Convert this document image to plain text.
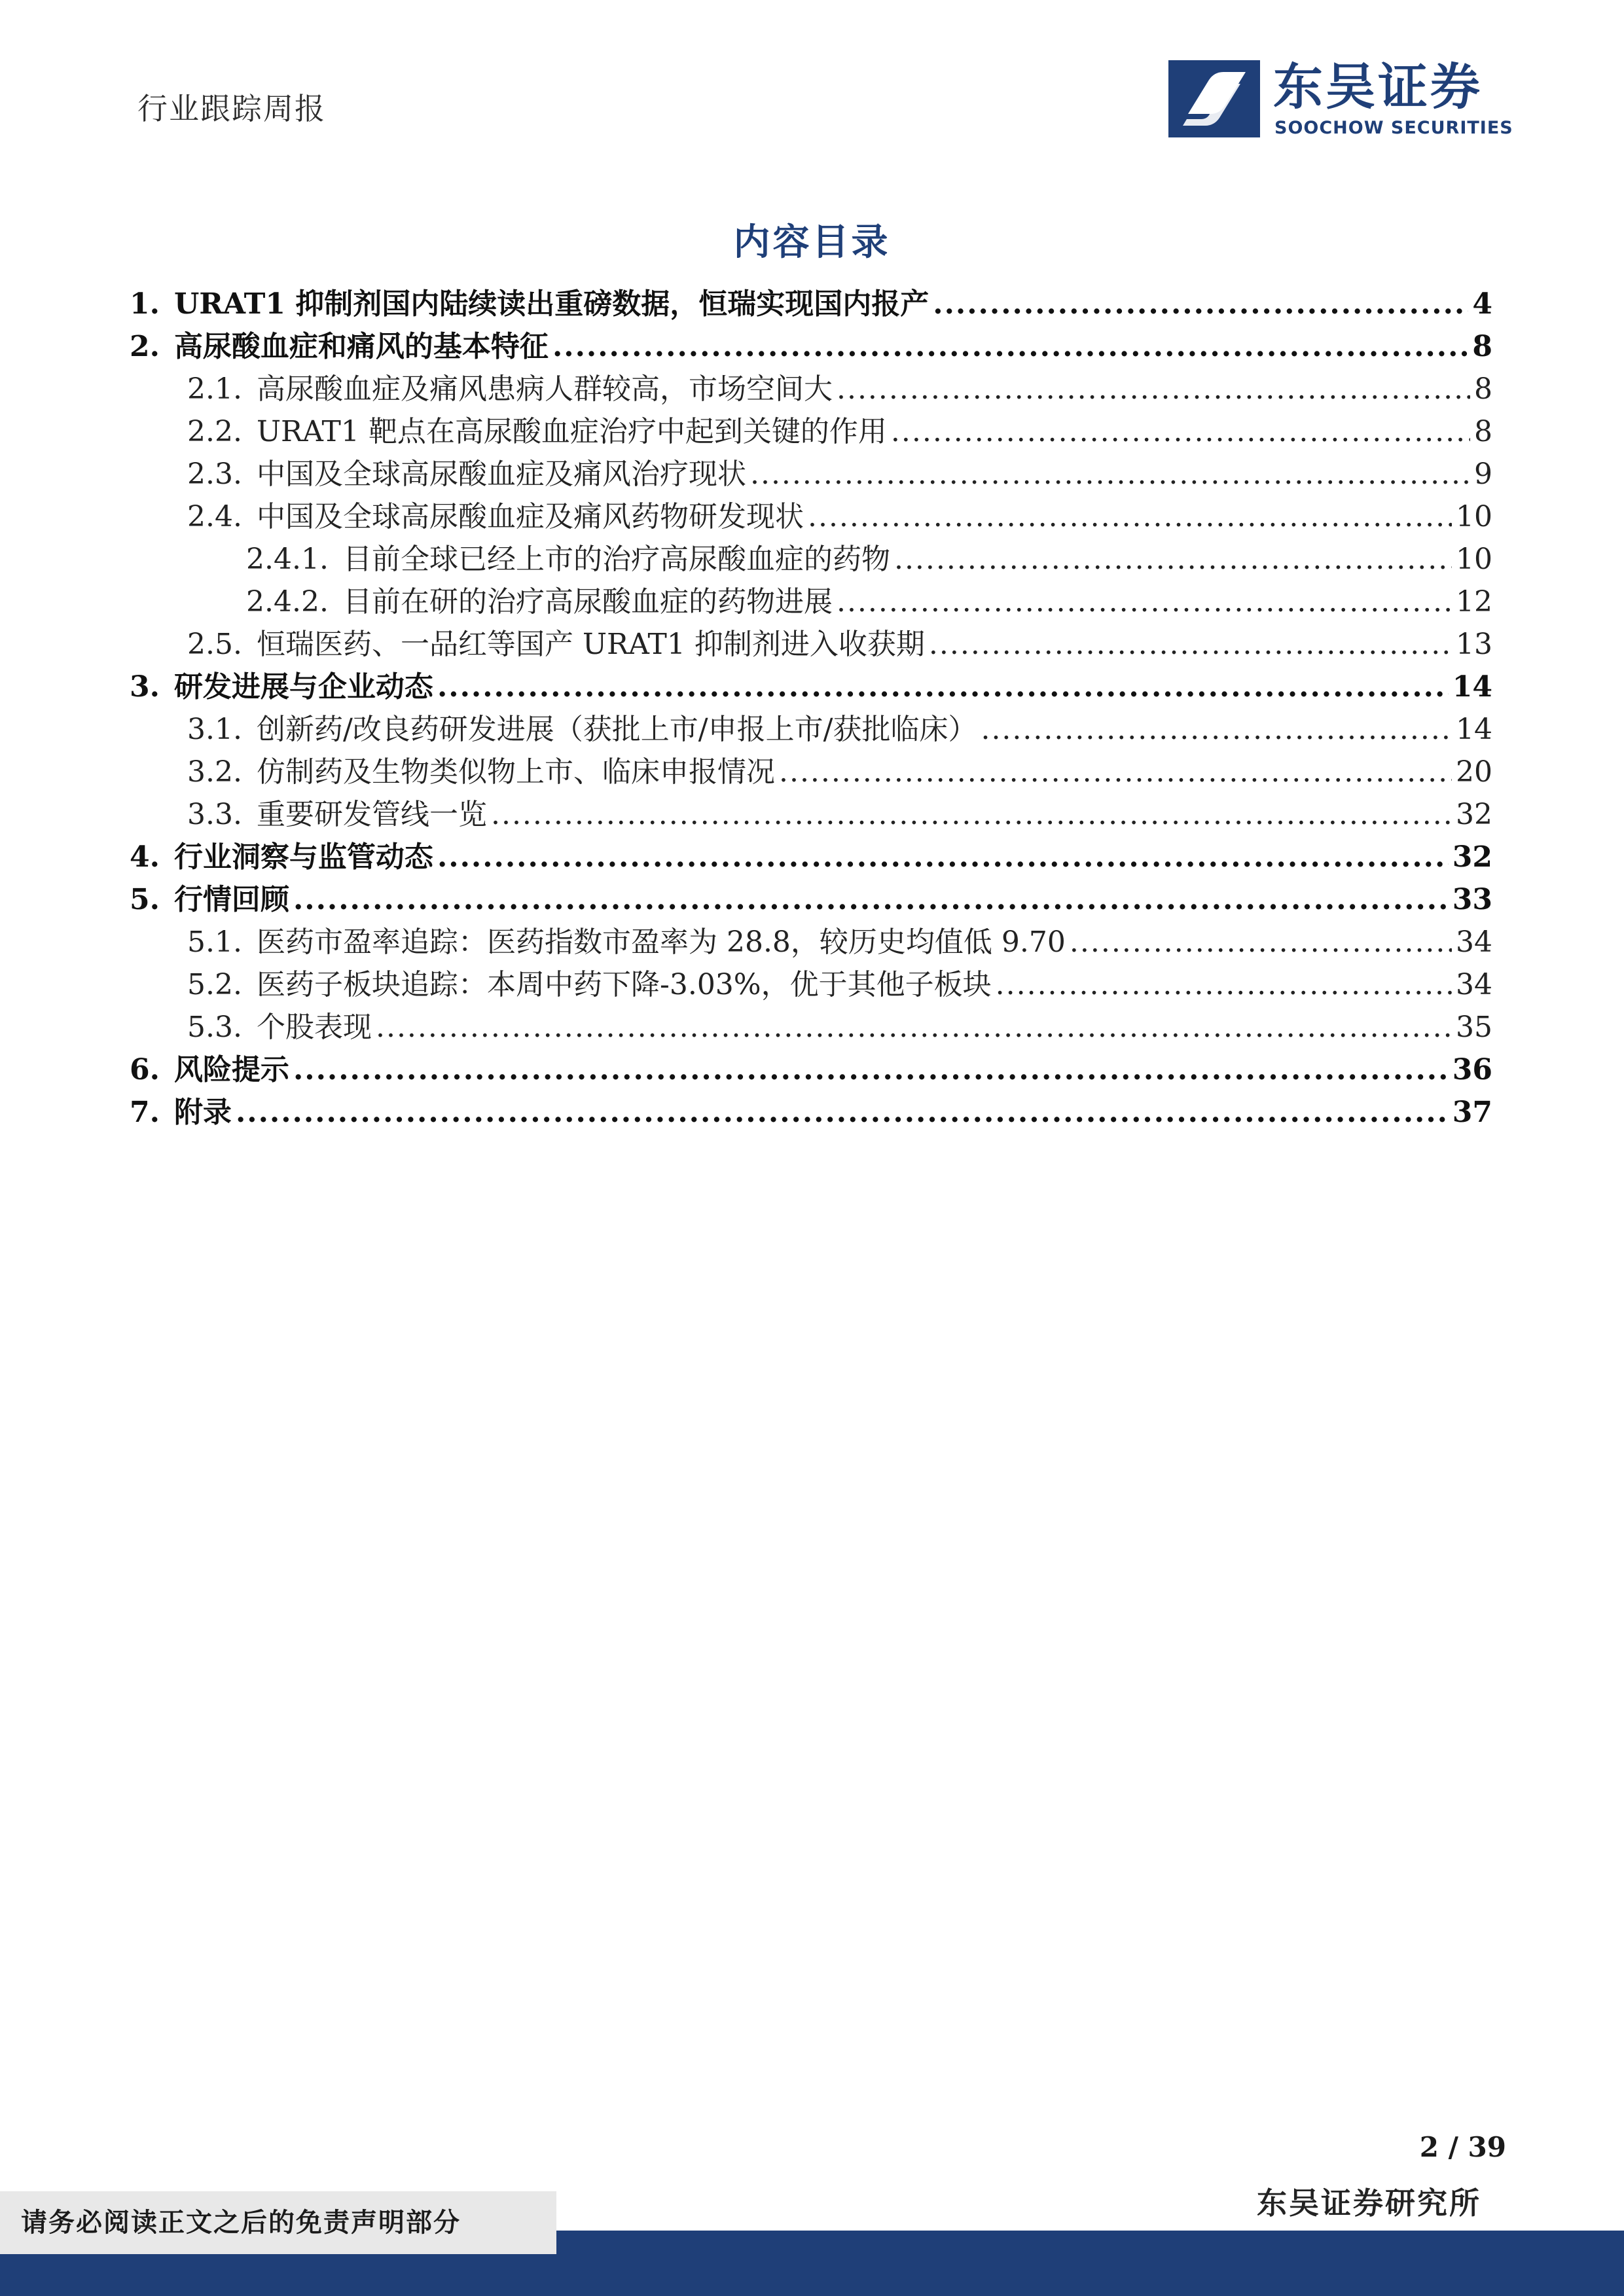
行业跟踪周报	东吴证券
SOOCHOW SECURITIES
内容目录
1. URAT1 抑制剂国内陆续读出重磅数据，恒瑞实现国内报产 .....	4
2. 高尿酸血症和痛风的基本特征 .....	8
2.1. 高尿酸血症及痛风患病人群较高，市场空间大 .....	8
2.2. URAT1 靶点在高尿酸血症治疗中起到关键的作用 .....	8
2.3. 中国及全球高尿酸血症及痛风治疗现状 .....	9
2.4. 中国及全球高尿酸血症及痛风药物研发现状 .....	10
2.4.1. 目前全球已经上市的治疗高尿酸血症的药物 .....	10
2.4.2. 目前在研的治疗高尿酸血症的药物进展 .....	12
2.5. 恒瑞医药、一品红等国产 URAT1 抑制剂进入收获期 .....	13
3. 研发进展与企业动态 .....	14
3.1. 创新药/改良药研发进展（获批上市/申报上市/获批临床） .....	14
3.2. 仿制药及生物类似物上市、临床申报情况 .....	20
3.3. 重要研发管线一览 .....	32
4. 行业洞察与监管动态 .....	32
5. 行情回顾 .....	33
5.1. 医药市盈率追踪：医药指数市盈率为 28.8，较历史均值低 9.70 .....	34
5.2. 医药子板块追踪：本周中药下降-3.03%，优于其他子板块 .....	34
5.3. 个股表现 .....	35
6. 风险提示 .....	36
7. 附录 .....	37
2 / 39
东吴证券研究所
请务必阅读正文之后的免责声明部分
